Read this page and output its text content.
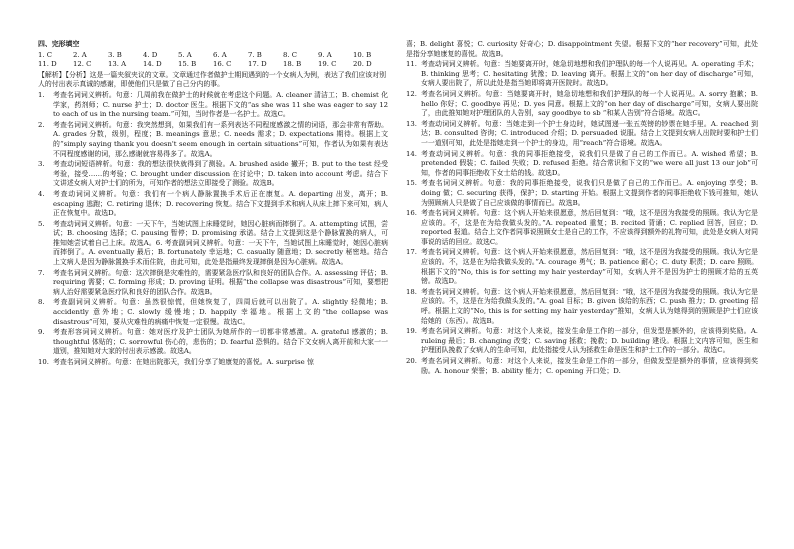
四、完形填空
1. C	2. A	3. B	4. D	5. A	6. A	7. B	8. C	9. A	10. B
11. D	12. C	13. A	14. D	15. B	16. C	17. D	18. B	19. C	20. D
【解析】【分析】这是一篇夹叙夹议的文章。文章通过作者做护士期间遇到的一个女病人为例，表达了我们应该对别人的付出表示真诚的感谢，即使他们只是做了自己分内的事。
1.	考查名词词义辨析。句意：几周前我在做护士的时候就在考虑这个问题。A. cleaner 清洁工；B. chemist 化学家，药剂师；C. nurse 护士；D. doctor 医生。根据下文的“as she was 11 she was eager to say 12 to each of us in the nursing team.”可知，当时作者是一名护士。故选C。
2.	考查名词词义辨析。句意：我突然想到，如果我们有一系列表达不同程度感激之情的词语，那会非常有帮助。A. grades 分数，级别，程度；B. meanings 意思；C. needs 需求；D. expectations 期待。根据上文的“simply saying thank you doesn't seem enough in certain situations”可知，作者认为如果有表达不同程度感谢的词，那么感谢就容易得多了。故选A。
3.	考查动词短语辨析。句意：我的想法很快就得到了测验。A. brushed aside 撇开；B. put to the test 经受考验，接受……的考验；C. brought under discussion 在讨论中；D. taken into account 考虑。结合下文讲述女病人对护士们的所为，可知作者的想法立即接受了测验。故选B。
4.	考查动词词义辨析。句意：我们有一个病人静脉置换手术后正在康复。A. departing 出发，离开；B. escaping 逃跑；C. retiring 退休；D. recovering 恢复。结合下文提到手术和病人从床上摔下来可知，病人正在恢复中。故选D。
5.	考查动词词义辨析。句意：一天下午，当她试图上床睡觉时，她因心脏病而摔倒了。A. attempting 试图，尝试；B. choosing 选择；C. pausing 暂停；D. promising 承诺。结合上文提到这是个静脉置换的病人，可推知她尝试着自己上床。故选A。6. 考查副词词义辨析。句意：一天下午，当她试图上床睡觉时，她因心脏病而摔倒了。A. eventually 最后；B. fortunately 幸运地；C. casually 随意地；D. secretly 秘密地。结合上文病人是因为静脉置换手术而住院，由此可知，此处是指最终发现摔倒是因为心脏病。故选A。
7.	考查名词词义辨析。句意：这次摔倒是灾难性的，需要紧急医疗队和良好的团队合作。A. assessing 评估；B. requiring 需要；C. forming 形成；D. proving 证明。根据“the collapse was disastrous”可知，要想把病人治好需要紧急医疗队和良好的团队合作。故选B。
8.	考查副词词义辨析。句意：虽然很惊慌，但她恢复了，四周后就可以出院了。A. slightly 轻微地；B. accidently 意外地；C. slowly 缓慢地；D. happily 幸福地。根据上文的“the collapse was disastrous”可知，要从灾难性的病痛中恢复一定很慢。故选C。
9.	考查形容词词义辨析。句意：她对医疗及护士团队为她所作的一切都非常感激。A. grateful 感激的；B. thoughtful 体贴的；C. sorrowful 伤心的，悲伤的；D. fearful 恐惧的。结合下文女病人离开前和大家一一道别，推知她对大家的付出表示感激。故选A。
10. 考查名词词义辨析。句意：在她出院那天，我们分享了她康复的喜悦。A. surprise 惊
喜；B. delight 喜悦；C. curiosity 好奇心；D. disappointment 失望。根据下文的“her recovery”可知，此处是指分享她康复的喜悦。故选B。
11. 考查动词词义辨析。句意：当她要离开时，她急切地想和我们护理队的每一个人说再见。A. operating 手术；B. thinking 思考；C. hesitating 犹豫；D. leaving 离开。根据上文的“on her day of discharge”可知，女病人要出院了，所以此处是指当她即将离开医院时。故选D。
12. 考查名词词义辨析。句意：当她要离开时，她急切地想和我们护理队的每一个人说再见。A. sorry 抱歉；B. hello 你好；C. goodbye 再见；D. yes 同意。根据上文的“on her day of discharge”可知，女病人要出院了，由此推知她对护理团队的人告别，say goodbye to sb “和某人告别”符合语境。故选C。
13. 考查动词词义辨析。句意：当她走到一个护士身边时，她试图递一张五英镑的钞票在她手里。A. reached 到达；B. consulted 咨询；C. introduced 介绍；D. persuaded 说服。结合上文提到女病人出院时要和护士们一一道别可知，此处是指她走到一个护士的身边，用“reach”符合语境。故选A。
14. 考查动词词义辨析。句意：我的同事拒绝接受，说我们只是做了自己的工作而已。A. wished 希望；B. pretended 假装；C. failed 失败；D. refused 拒绝。结合常识和下文的“we were all just 13 our job”可知，作者的同事拒绝收下女士给的钱。故选D。
15. 考查名词词义辨析。句意：我的同事拒绝接受，说我们只是做了自己的工作而已。A. enjoying 享受；B. doing 做；C. securing 获得，保护；D. starting 开始。根据上文提到作者的同事拒绝收下钱可推知，她认为照顾病人只是做了自己应该做的事情而已。故选B。
16. 考查名词词义辨析。句意：这个病人开始来很愿意，然后回复到：“哦，这不是因为我接受的照顾。我认为它是应该的。不，这是在为给我做头发的。”A. repeated 重复；B. recited 背诵；C. replied 回答，回应；D. reported 报道。结合上文作者同事说照顾女士是自己的工作，不应该得到额外的礼物可知，此处是女病人对同事说的话的回应。故选C。
17. 考查名词词义辨析。句意：这个病人开始来很愿意，然后回复到：“哦，这不是因为我接受的照顾。我认为它是应该的。不，这是在为给我做头发的。”A. courage 勇气；B. patience 耐心；C. duty 职责；D. care 照顾。根据下文的“No, this is for setting my hair yesterday”可知，女病人并不是因为护士的照顾才给的五英镑。故选D。
18. 考查名词词义辨析。句意：这个病人开始来很愿意，然后回复到：“哦，这不是因为我接受的照顾。我认为它是应该的。不，这是在为给我做头发的。”A. goal 目标；B. given 该给的东西；C. push 推力；D. greeting 招呼。根据上文的“No, this is for setting my hair yesterday”推知，女病人认为她得到的照顾是护士们应该给她的（东西）。故选B。
19. 考查名词词义辨析。句意：对这个人来说，接发生命是工作的一部分，但发型是额外的，应该得到奖励。A. ruleing 最后；B. changing 改变；C. saving 拯救；挽救；D. building 建设。根据上文内容可知，医生和护理团队挽救了女病人的生命可知，此处指接受人认为拯救生命是医生和护士工作的一部分。故选C。
20. 考查名词词义辨析。句意：对这个人来说，接发生命是工作的一部分，但做发型是额外的事情，应该得到奖励。A. honour 荣誉；B. ability 能力；C. opening 开口处；D.
